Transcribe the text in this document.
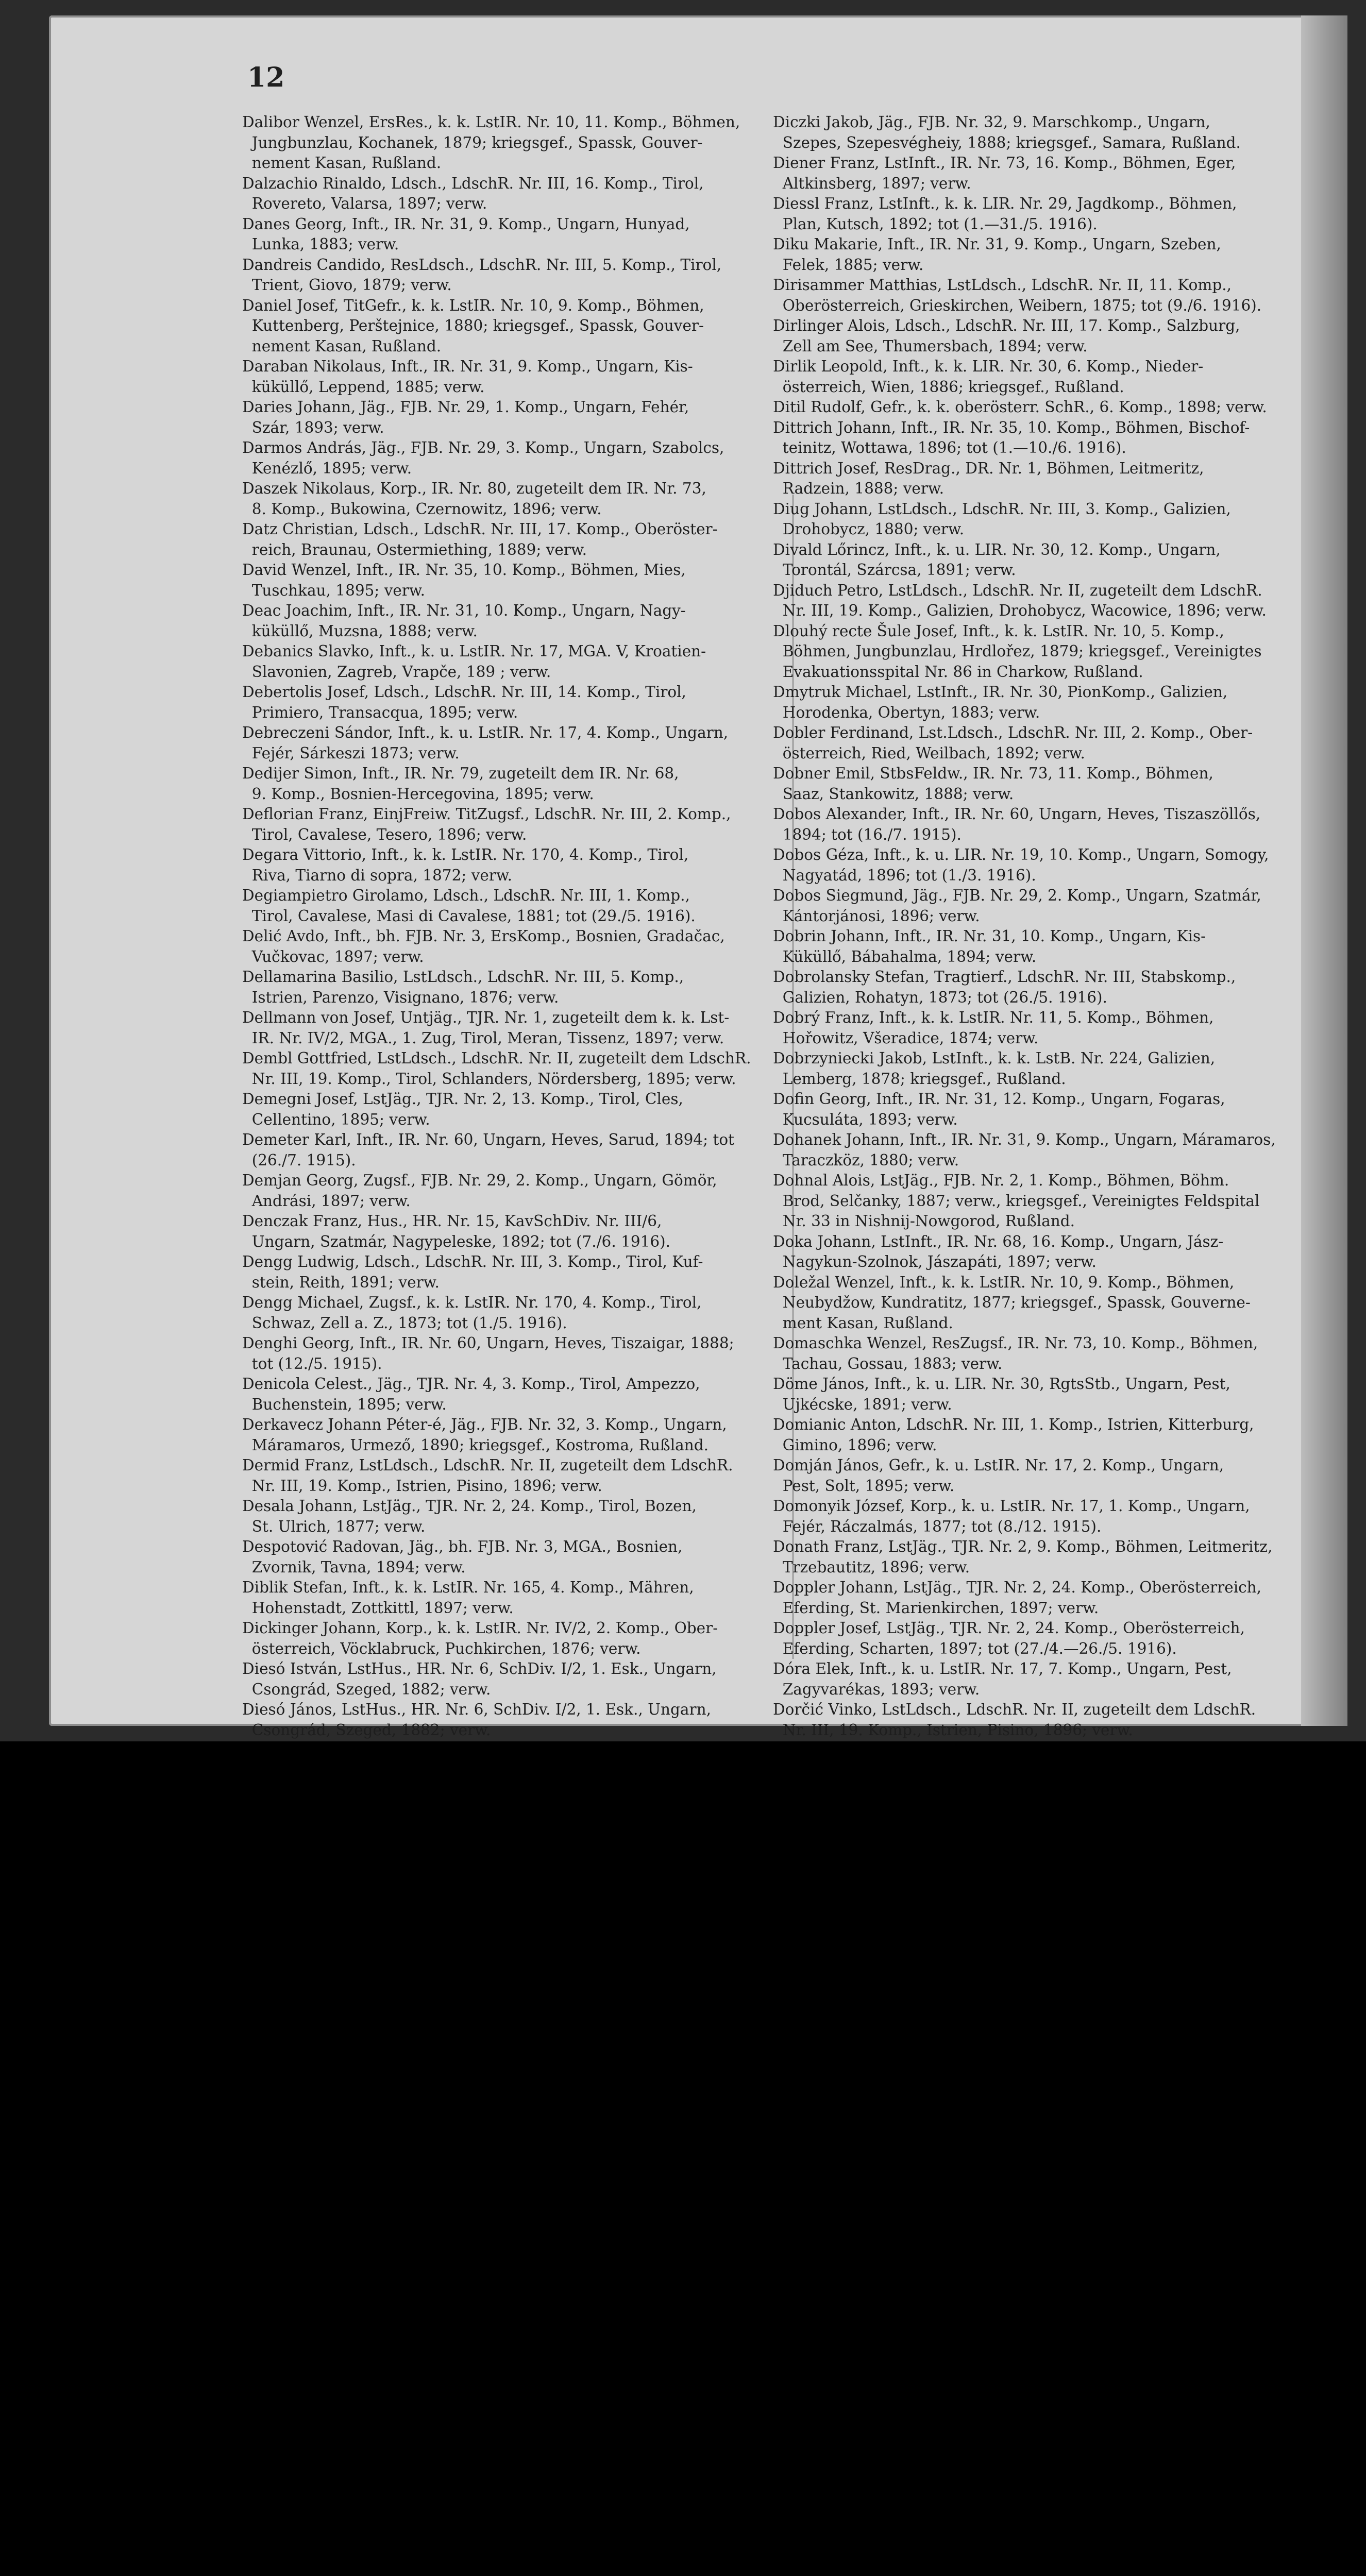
12
Dalibor Wenzel, ErsRes., k. k. LstIR. Nr. 10, 11. Komp., Böhmen,
Jungbunzlau, Kochanek, 1879; kriegsgef., Spassk, Gouver-
nement Kasan, Rußland.
Dalzachio Rinaldo, Ldsch., LdschR. Nr. III, 16. Komp., Tirol,
Rovereto, Valarsa, 1897; verw.
Danes Georg, Inft., IR. Nr. 31, 9. Komp., Ungarn, Hunyad,
Lunka, 1883; verw.
Dandreis Candido, ResLdsch., LdschR. Nr. III, 5. Komp., Tirol,
Trient, Giovo, 1879; verw.
Daniel Josef, TitGefr., k. k. LstIR. Nr. 10, 9. Komp., Böhmen,
Kuttenberg, Perštejnice, 1880; kriegsgef., Spassk, Gouver-
nement Kasan, Rußland.
Daraban Nikolaus, Inft., IR. Nr. 31, 9. Komp., Ungarn, Kis-
küküllő, Leppend, 1885; verw.
Daries Johann, Jäg., FJB. Nr. 29, 1. Komp., Ungarn, Fehér,
Szár, 1893; verw.
Darmos András, Jäg., FJB. Nr. 29, 3. Komp., Ungarn, Szabolcs,
Kenézlő, 1895; verw.
Daszek Nikolaus, Korp., IR. Nr. 80, zugeteilt dem IR. Nr. 73,
8. Komp., Bukowina, Czernowitz, 1896; verw.
Datz Christian, Ldsch., LdschR. Nr. III, 17. Komp., Oberöster-
reich, Braunau, Ostermiething, 1889; verw.
David Wenzel, Inft., IR. Nr. 35, 10. Komp., Böhmen, Mies,
Tuschkau, 1895; verw.
Deac Joachim, Inft., IR. Nr. 31, 10. Komp., Ungarn, Nagy-
küküllő, Muzsna, 1888; verw.
Debanics Slavko, Inft., k. u. LstIR. Nr. 17, MGA. V, Kroatien-
Slavonien, Zagreb, Vrapče, 189 ; verw.
Debertolis Josef, Ldsch., LdschR. Nr. III, 14. Komp., Tirol,
Primiero, Transacqua, 1895; verw.
Debreczeni Sándor, Inft., k. u. LstIR. Nr. 17, 4. Komp., Ungarn,
Fejér, Sárkeszi 1873; verw.
Dedijer Simon, Inft., IR. Nr. 79, zugeteilt dem IR. Nr. 68,
9. Komp., Bosnien-Hercegovina, 1895; verw.
Deflorian Franz, EinjFreiw. TitZugsf., LdschR. Nr. III, 2. Komp.,
Tirol, Cavalese, Tesero, 1896; verw.
Degara Vittorio, Inft., k. k. LstIR. Nr. 170, 4. Komp., Tirol,
Riva, Tiarno di sopra, 1872; verw.
Degiampietro Girolamo, Ldsch., LdschR. Nr. III, 1. Komp.,
Tirol, Cavalese, Masi di Cavalese, 1881; tot (29./5. 1916).
Delić Avdo, Inft., bh. FJB. Nr. 3, ErsKomp., Bosnien, Gradačac,
Vučkovac, 1897; verw.
Dellamarina Basilio, LstLdsch., LdschR. Nr. III, 5. Komp.,
Istrien, Parenzo, Visignano, 1876; verw.
Dellmann von Josef, Untjäg., TJR. Nr. 1, zugeteilt dem k. k. Lst-
IR. Nr. IV/2, MGA., 1. Zug, Tirol, Meran, Tissenz, 1897; verw.
Dembl Gottfried, LstLdsch., LdschR. Nr. II, zugeteilt dem LdschR.
Nr. III, 19. Komp., Tirol, Schlanders, Nördersberg, 1895; verw.
Demegni Josef, LstJäg., TJR. Nr. 2, 13. Komp., Tirol, Cles,
Cellentino, 1895; verw.
Demeter Karl, Inft., IR. Nr. 60, Ungarn, Heves, Sarud, 1894; tot
(26./7. 1915).
Demjan Georg, Zugsf., FJB. Nr. 29, 2. Komp., Ungarn, Gömör,
Andrási, 1897; verw.
Denczak Franz, Hus., HR. Nr. 15, KavSchDiv. Nr. III/6,
Ungarn, Szatmár, Nagypeleske, 1892; tot (7./6. 1916).
Dengg Ludwig, Ldsch., LdschR. Nr. III, 3. Komp., Tirol, Kuf-
stein, Reith, 1891; verw.
Dengg Michael, Zugsf., k. k. LstIR. Nr. 170, 4. Komp., Tirol,
Schwaz, Zell a. Z., 1873; tot (1./5. 1916).
Denghi Georg, Inft., IR. Nr. 60, Ungarn, Heves, Tiszaigar, 1888;
tot (12./5. 1915).
Denicola Celest., Jäg., TJR. Nr. 4, 3. Komp., Tirol, Ampezzo,
Buchenstein, 1895; verw.
Derkavecz Johann Péter-é, Jäg., FJB. Nr. 32, 3. Komp., Ungarn,
Máramaros, Urmező, 1890; kriegsgef., Kostroma, Rußland.
Dermid Franz, LstLdsch., LdschR. Nr. II, zugeteilt dem LdschR.
Nr. III, 19. Komp., Istrien, Pisino, 1896; verw.
Desala Johann, LstJäg., TJR. Nr. 2, 24. Komp., Tirol, Bozen,
St. Ulrich, 1877; verw.
Despotović Radovan, Jäg., bh. FJB. Nr. 3, MGA., Bosnien,
Zvornik, Tavna, 1894; verw.
Diblik Stefan, Inft., k. k. LstIR. Nr. 165, 4. Komp., Mähren,
Hohenstadt, Zottkittl, 1897; verw.
Dickinger Johann, Korp., k. k. LstIR. Nr. IV/2, 2. Komp., Ober-
österreich, Vöcklabruck, Puchkirchen, 1876; verw.
Diesó István, LstHus., HR. Nr. 6, SchDiv. I/2, 1. Esk., Ungarn,
Csongrád, Szeged, 1882; verw.
Diesó János, LstHus., HR. Nr. 6, SchDiv. I/2, 1. Esk., Ungarn,
Csongrád, Szeged, 1882; verw.
Diczki Jakob, Jäg., FJB. Nr. 32, 9. Marschkomp., Ungarn,
Szepes, Szepesvégheiy, 1888; kriegsgef., Samara, Rußland.
Diener Franz, LstInft., IR. Nr. 73, 16. Komp., Böhmen, Eger,
Altkinsberg, 1897; verw.
Diessl Franz, LstInft., k. k. LIR. Nr. 29, Jagdkomp., Böhmen,
Plan, Kutsch, 1892; tot (1.—31./5. 1916).
Diku Makarie, Inft., IR. Nr. 31, 9. Komp., Ungarn, Szeben,
Felek, 1885; verw.
Dirisammer Matthias, LstLdsch., LdschR. Nr. II, 11. Komp.,
Oberösterreich, Grieskirchen, Weibern, 1875; tot (9./6. 1916).
Dirlinger Alois, Ldsch., LdschR. Nr. III, 17. Komp., Salzburg,
Zell am See, Thumersbach, 1894; verw.
Dirlik Leopold, Inft., k. k. LIR. Nr. 30, 6. Komp., Nieder-
österreich, Wien, 1886; kriegsgef., Rußland.
Ditil Rudolf, Gefr., k. k. oberösterr. SchR., 6. Komp., 1898; verw.
Dittrich Johann, Inft., IR. Nr. 35, 10. Komp., Böhmen, Bischof-
teinitz, Wottawa, 1896; tot (1.—10./6. 1916).
Dittrich Josef, ResDrag., DR. Nr. 1, Böhmen, Leitmeritz,
Radzein, 1888; verw.
Diug Johann, LstLdsch., LdschR. Nr. III, 3. Komp., Galizien,
Drohobycz, 1880; verw.
Divald Lőrincz, Inft., k. u. LIR. Nr. 30, 12. Komp., Ungarn,
Torontál, Szárcsa, 1891; verw.
Djiduch Petro, LstLdsch., LdschR. Nr. II, zugeteilt dem LdschR.
Nr. III, 19. Komp., Galizien, Drohobycz, Wacowice, 1896; verw.
Dlouhý recte Šule Josef, Inft., k. k. LstIR. Nr. 10, 5. Komp.,
Böhmen, Jungbunzlau, Hrdlořez, 1879; kriegsgef., Vereinigtes
Evakuationsspital Nr. 86 in Charkow, Rußland.
Dmytruk Michael, LstInft., IR. Nr. 30, PionKomp., Galizien,
Horodenka, Obertyn, 1883; verw.
Dobler Ferdinand, Lst.Ldsch., LdschR. Nr. III, 2. Komp., Ober-
österreich, Ried, Weilbach, 1892; verw.
Dobner Emil, StbsFeldw., IR. Nr. 73, 11. Komp., Böhmen,
Saaz, Stankowitz, 1888; verw.
Dobos Alexander, Inft., IR. Nr. 60, Ungarn, Heves, Tiszaszöllős,
1894; tot (16./7. 1915).
Dobos Géza, Inft., k. u. LIR. Nr. 19, 10. Komp., Ungarn, Somogy,
Nagyatád, 1896; tot (1./3. 1916).
Dobos Siegmund, Jäg., FJB. Nr. 29, 2. Komp., Ungarn, Szatmár,
Kántorjánosi, 1896; verw.
Dobrin Johann, Inft., IR. Nr. 31, 10. Komp., Ungarn, Kis-
Küküllő, Bábahalma, 1894; verw.
Dobrolansky Stefan, Tragtierf., LdschR. Nr. III, Stabskomp.,
Galizien, Rohatyn, 1873; tot (26./5. 1916).
Dobrý Franz, Inft., k. k. LstIR. Nr. 11, 5. Komp., Böhmen,
Hořowitz, Všeradice, 1874; verw.
Dobrzyniecki Jakob, LstInft., k. k. LstB. Nr. 224, Galizien,
Lemberg, 1878; kriegsgef., Rußland.
Dofin Georg, Inft., IR. Nr. 31, 12. Komp., Ungarn, Fogaras,
Kucsuláta, 1893; verw.
Dohanek Johann, Inft., IR. Nr. 31, 9. Komp., Ungarn, Máramaros,
Taraczköz, 1880; verw.
Dohnal Alois, LstJäg., FJB. Nr. 2, 1. Komp., Böhmen, Böhm.
Brod, Selčanky, 1887; verw., kriegsgef., Vereinigtes Feldspital
Nr. 33 in Nishnij-Nowgorod, Rußland.
Doka Johann, LstInft., IR. Nr. 68, 16. Komp., Ungarn, Jász-
Nagykun-Szolnok, Jászapáti, 1897; verw.
Doležal Wenzel, Inft., k. k. LstIR. Nr. 10, 9. Komp., Böhmen,
Neubydžow, Kundratitz, 1877; kriegsgef., Spassk, Gouverne-
ment Kasan, Rußland.
Domaschka Wenzel, ResZugsf., IR. Nr. 73, 10. Komp., Böhmen,
Tachau, Gossau, 1883; verw.
Döme János, Inft., k. u. LIR. Nr. 30, RgtsStb., Ungarn, Pest,
Ujkécske, 1891; verw.
Domianic Anton, LdschR. Nr. III, 1. Komp., Istrien, Kitterburg,
Gimino, 1896; verw.
Domján János, Gefr., k. u. LstIR. Nr. 17, 2. Komp., Ungarn,
Pest, Solt, 1895; verw.
Domonyik József, Korp., k. u. LstIR. Nr. 17, 1. Komp., Ungarn,
Fejér, Ráczalmás, 1877; tot (8./12. 1915).
Donath Franz, LstJäg., TJR. Nr. 2, 9. Komp., Böhmen, Leitmeritz,
Trzebautitz, 1896; verw.
Doppler Johann, LstJäg., TJR. Nr. 2, 24. Komp., Oberösterreich,
Eferding, St. Marienkirchen, 1897; verw.
Doppler Josef, LstJäg., TJR. Nr. 2, 24. Komp., Oberösterreich,
Eferding, Scharten, 1897; tot (27./4.—26./5. 1916).
Dóra Elek, Inft., k. u. LstIR. Nr. 17, 7. Komp., Ungarn, Pest,
Zagyvarékas, 1893; verw.
Dorčić Vinko, LstLdsch., LdschR. Nr. II, zugeteilt dem LdschR.
Nr. III, 19. Komp., Istrien, Pisino, 1896; verw.
